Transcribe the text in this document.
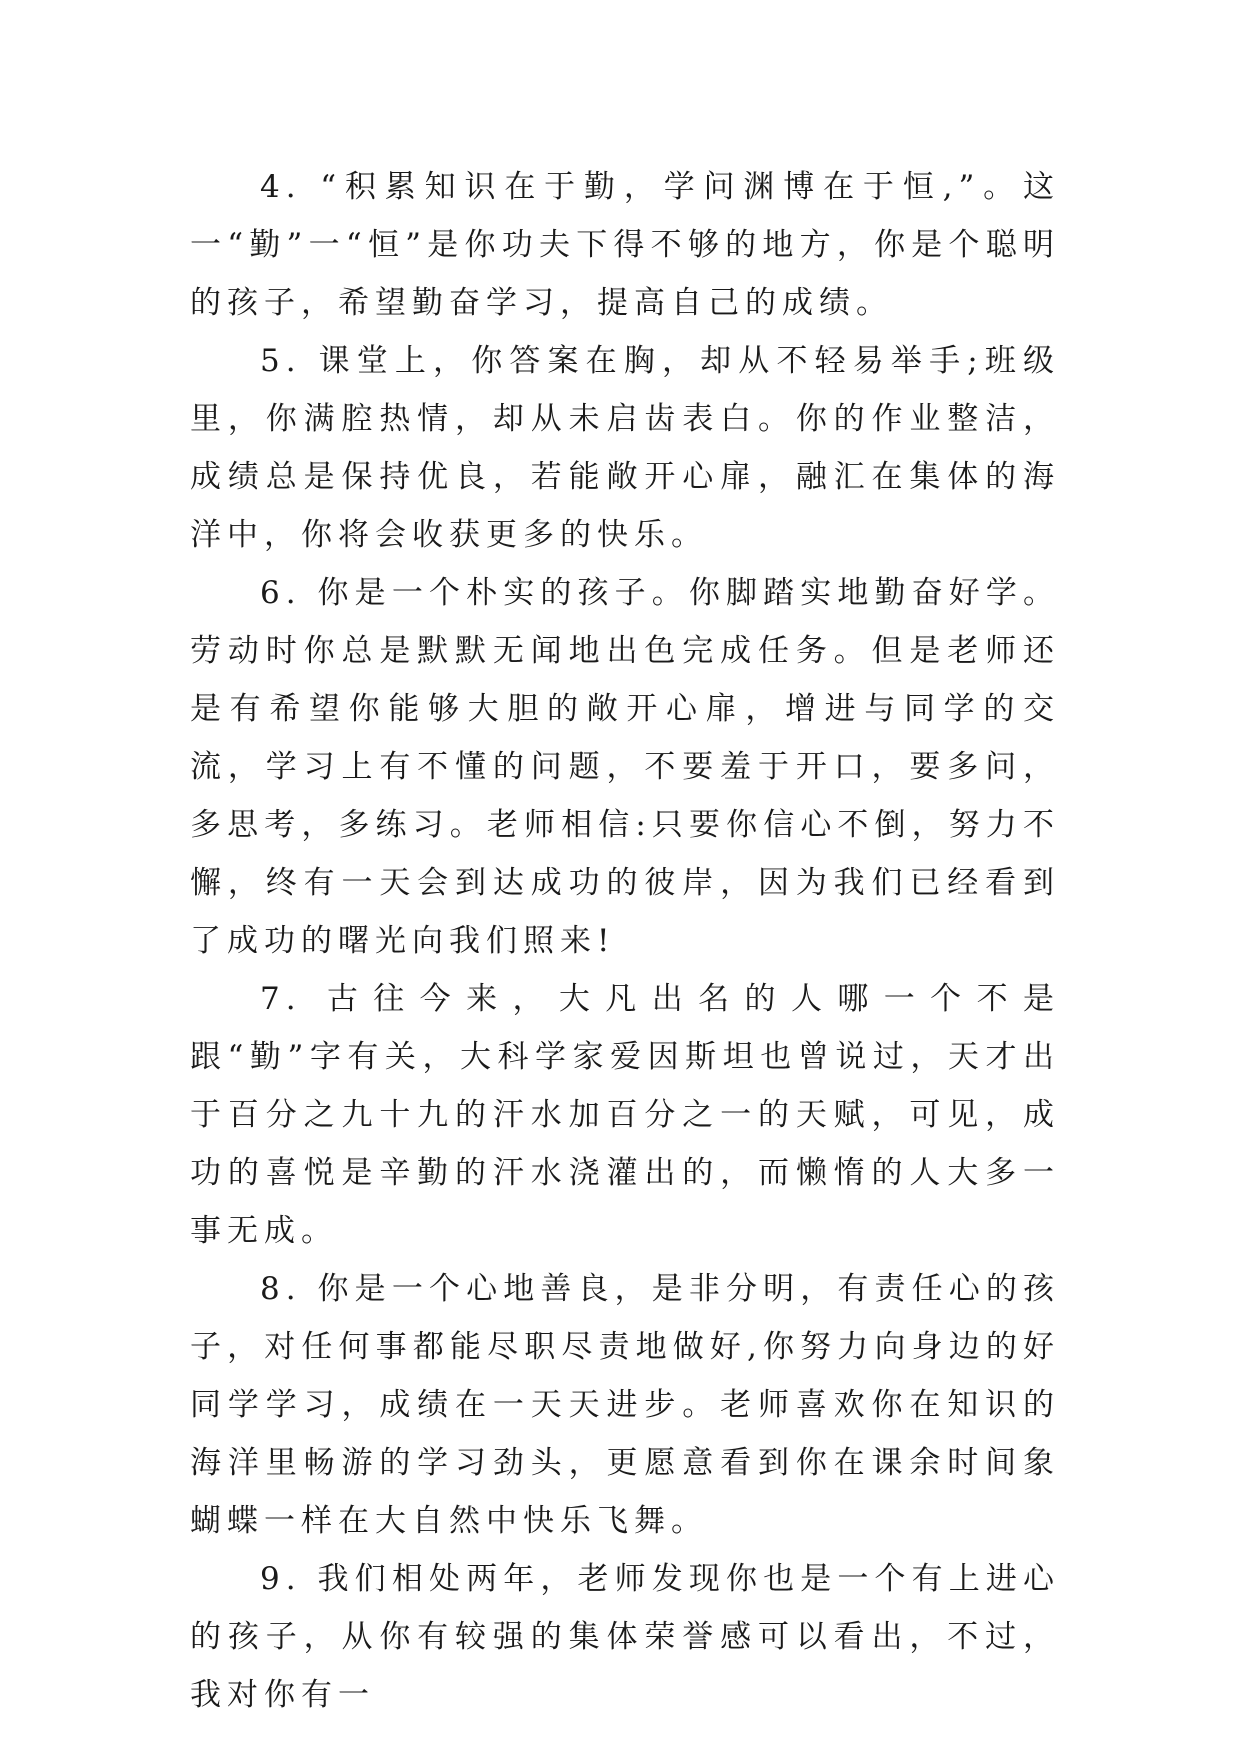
4. “积累知识在于勤，学问渊博在于恒,”。这一“勤”一“恒”是你功夫下得不够的地方，你是个聪明的孩子，希望勤奋学习，提高自己的成绩。

5. 课堂上，你答案在胸，却从不轻易举手;班级里，你满腔热情，却从未启齿表白。你的作业整洁，成绩总是保持优良，若能敞开心扉，融汇在集体的海洋中，你将会收获更多的快乐。

6. 你是一个朴实的孩子。你脚踏实地勤奋好学。劳动时你总是默默无闻地出色完成任务。但是老师还是有希望你能够大胆的敞开心扉，增进与同学的交流，学习上有不懂的问题，不要羞于开口，要多问，多思考，多练习。老师相信:只要你信心不倒，努力不懈，终有一天会到达成功的彼岸，因为我们已经看到了成功的曙光向我们照来!

7. 古往今来，大凡出名的人哪一个不是跟“勤”字有关，大科学家爱因斯坦也曾说过，天才出于百分之九十九的汗水加百分之一的天赋，可见，成功的喜悦是辛勤的汗水浇灌出的，而懒惰的人大多一事无成。

8. 你是一个心地善良，是非分明，有责任心的孩子，对任何事都能尽职尽责地做好,你努力向身边的好同学学习，成绩在一天天进步。老师喜欢你在知识的海洋里畅游的学习劲头，更愿意看到你在课余时间象蝴蝶一样在大自然中快乐飞舞。

9. 我们相处两年，老师发现你也是一个有上进心的孩子，从你有较强的集体荣誉感可以看出，不过，我对你有一
